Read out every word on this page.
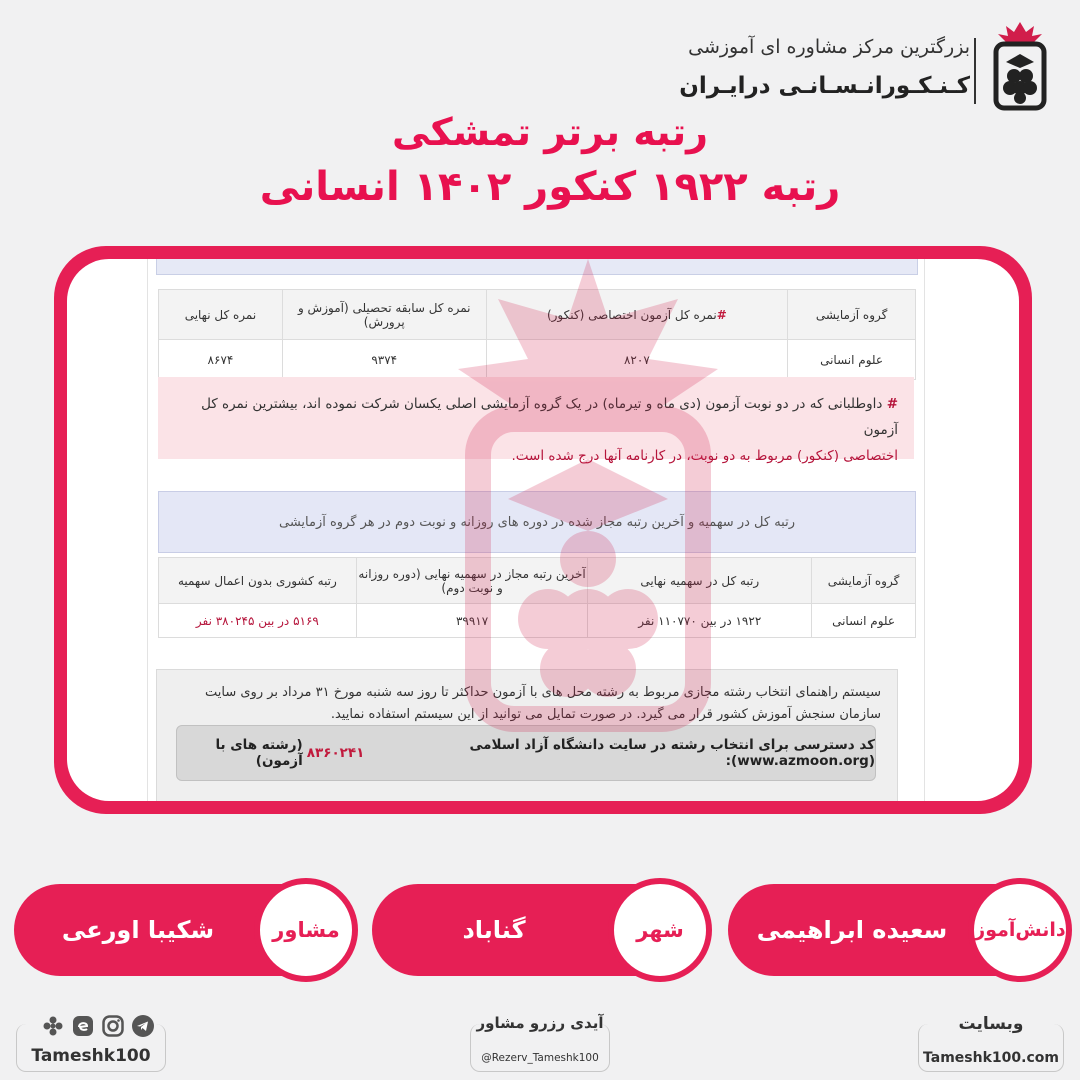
بزرگترین مرکز مشاوره ای آموزشی
کـنـکـورانـسـانـی درایـران
رتبه برتر تمشکی
رتبه ۱۹۲۲ کنکور ۱۴۰۲ انسانی
گروه آزمایشی	#نمره کل آزمون اختصاصی (کنکور)	نمره کل سابقه تحصیلی (آموزش و پرورش)	نمره کل نهایی
علوم انسانی	۸۲۰۷	۹۳۷۴	۸۶۷۴
# داوطلبانی که در دو نوبت آزمون (دی ماه و تیرماه) در یک گروه آزمایشی اصلی یکسان شرکت نموده اند، بیشترین نمره کل آزمون
اختصاصی (کنکور) مربوط به دو نوبت، در کارنامه آنها درج شده است.
رتبه کل در سهمیه و آخرین رتبه مجاز شده در دوره های روزانه و نوبت دوم در هر گروه آزمایشی
گروه آزمایشی	رتبه کل در سهمیه نهایی	آخرین رتبه مجاز در سهمیه نهایی (دوره روزانه و نوبت دوم)	رتبه کشوری بدون اعمال سهمیه
علوم انسانی	۱۹۲۲ در بین ۱۱۰۷۷۰ نفر	۳۹۹۱۷	۵۱۶۹ در بین ۳۸۰۲۴۵ نفر
سیستم راهنمای انتخاب رشته مجازی مربوط به رشته محل های با آزمون حداکثر تا روز سه شنبه مورخ ۳۱ مرداد بر روی سایت سازمان سنجش آموزش کشور قرار می گیرد. در صورت تمایل می توانید از این سیستم استفاده نمایید.
کد دسترسی برای انتخاب رشته در سایت دانشگاه آزاد اسلامی (www.azmoon.org):
۸۳۶۰۲۴۱
(رشته های با آزمون)
سعیده ابراهیمی	دانش‌آموز
گناباد	شهر
شکیبا اورعی	مشاور
وبسایت
Tameshk100.com
آیدی رزرو مشاور
@Rezerv_Tameshk100
Tameshk100
